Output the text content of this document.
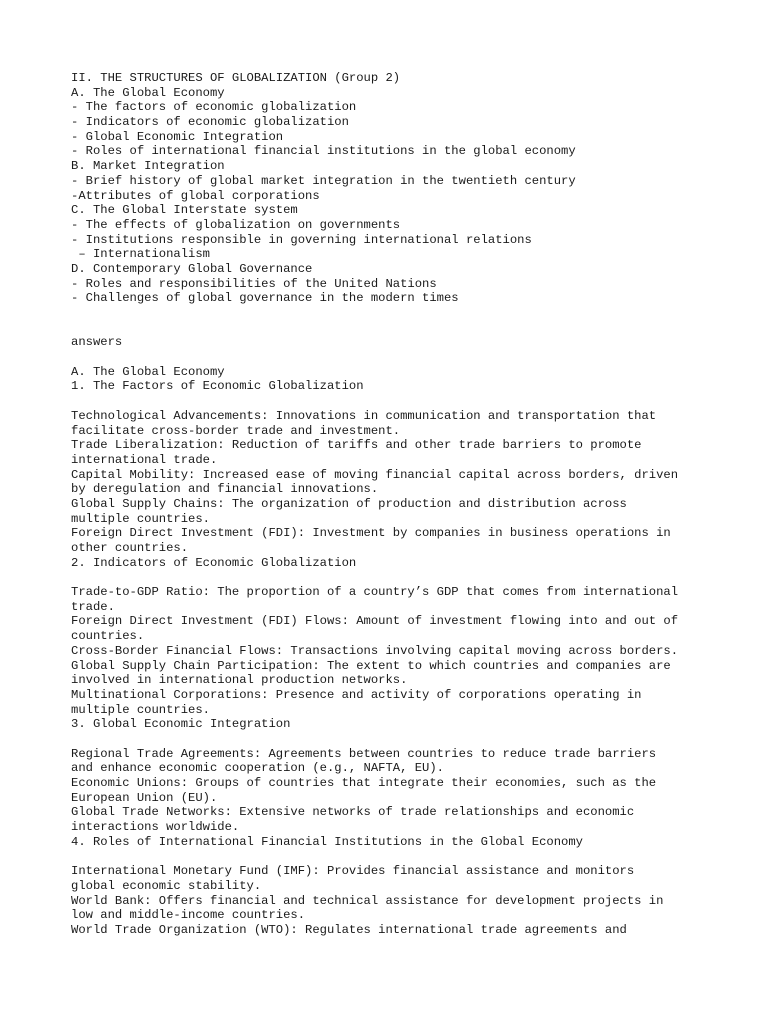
II. THE STRUCTURES OF GLOBALIZATION (Group 2)
A. The Global Economy
- The factors of economic globalization
- Indicators of economic globalization
- Global Economic Integration
- Roles of international financial institutions in the global economy
B. Market Integration
- Brief history of global market integration in the twentieth century
-Attributes of global corporations
C. The Global Interstate system
- The effects of globalization on governments
- Institutions responsible in governing international relations
– Internationalism
D. Contemporary Global Governance
- Roles and responsibilities of the United Nations
- Challenges of global governance in the modern times
answers
A. The Global Economy
1. The Factors of Economic Globalization
Technological Advancements: Innovations in communication and transportation that
facilitate cross-border trade and investment.
Trade Liberalization: Reduction of tariffs and other trade barriers to promote
international trade.
Capital Mobility: Increased ease of moving financial capital across borders, driven
by deregulation and financial innovations.
Global Supply Chains: The organization of production and distribution across
multiple countries.
Foreign Direct Investment (FDI): Investment by companies in business operations in
other countries.
2. Indicators of Economic Globalization
Trade-to-GDP Ratio: The proportion of a country’s GDP that comes from international
trade.
Foreign Direct Investment (FDI) Flows: Amount of investment flowing into and out of
countries.
Cross-Border Financial Flows: Transactions involving capital moving across borders.
Global Supply Chain Participation: The extent to which countries and companies are
involved in international production networks.
Multinational Corporations: Presence and activity of corporations operating in
multiple countries.
3. Global Economic Integration
Regional Trade Agreements: Agreements between countries to reduce trade barriers
and enhance economic cooperation (e.g., NAFTA, EU).
Economic Unions: Groups of countries that integrate their economies, such as the
European Union (EU).
Global Trade Networks: Extensive networks of trade relationships and economic
interactions worldwide.
4. Roles of International Financial Institutions in the Global Economy
International Monetary Fund (IMF): Provides financial assistance and monitors
global economic stability.
World Bank: Offers financial and technical assistance for development projects in
low and middle-income countries.
World Trade Organization (WTO): Regulates international trade agreements and
